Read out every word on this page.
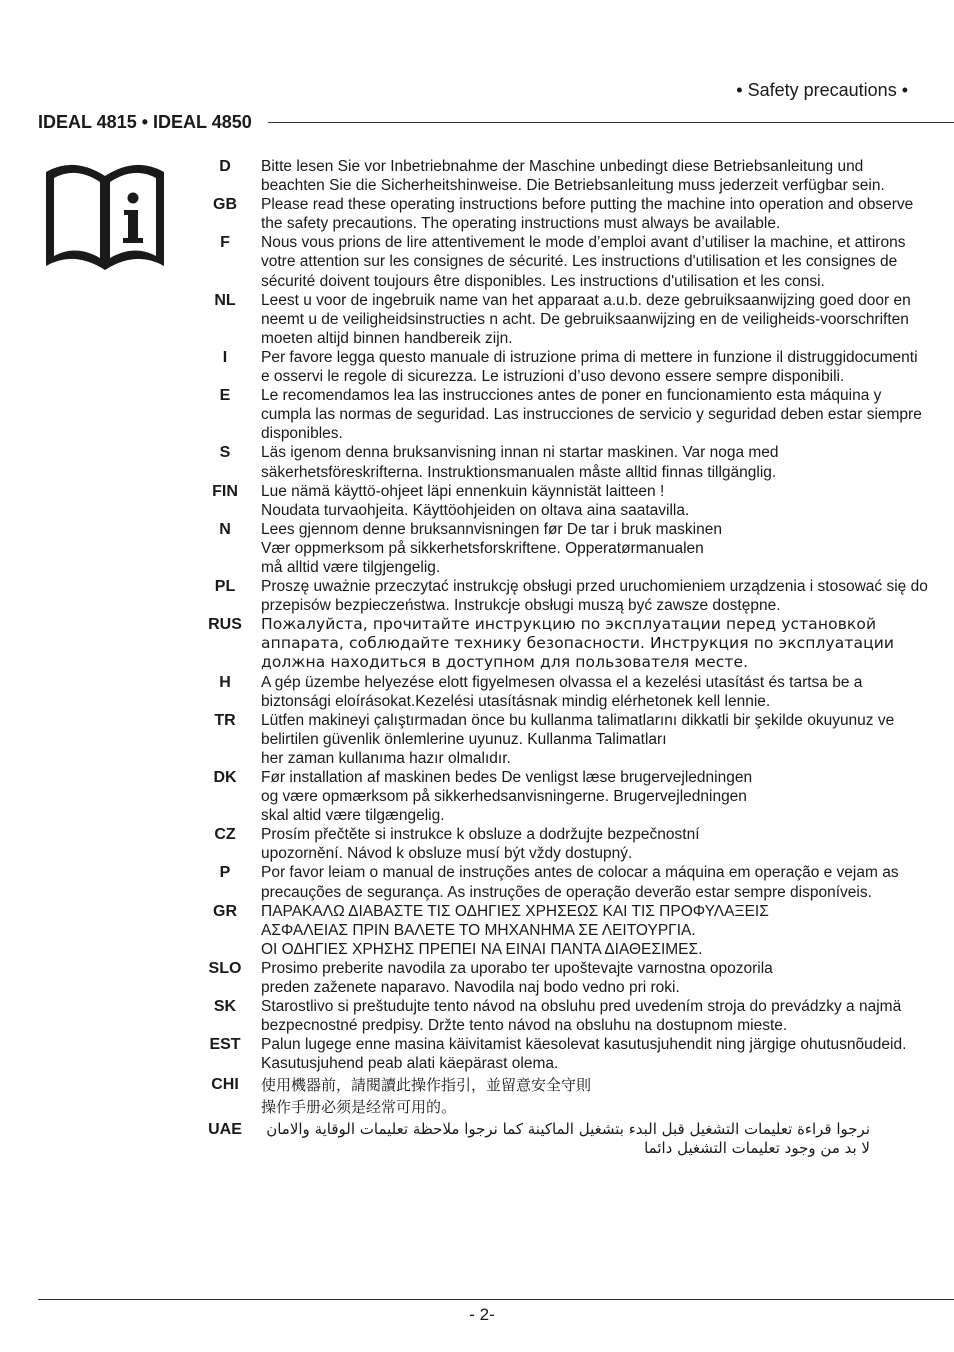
• Safety precautions •
IDEAL 4815 • IDEAL 4850
D	Bitte lesen Sie vor Inbetriebnahme der Maschine unbedingt diese Betriebsanleitung und beachten Sie die Sicherheitshinweise. Die Betriebsanleitung muss jederzeit verfügbar sein.
GB	Please read these operating instructions before putting the machine into operation and observe the safety precautions. The operating instructions must always be available.
F	Nous vous prions de lire attentivement le mode d’emploi avant d’utiliser la machine, et attirons votre attention sur les consignes de sécurité. Les instructions d'utilisation et les consignes de sécurité doivent toujours être disponibles. Les instructions d'utilisation et les consi.
NL	Leest u voor de ingebruik name van het apparaat a.u.b. deze gebruiksaanwijzing goed door en neemt u de veiligheidsinstructies n acht. De gebruiksaanwijzing en de veiligheids-voorschriften moeten altijd binnen handbereik zijn.
I	Per favore legga questo manuale di istruzione prima di mettere in funzione il distruggidocumenti e osservi le regole di sicurezza. Le istruzioni d’uso devono essere sempre disponibili.
E	Le recomendamos lea las instrucciones antes de poner en funcionamiento esta máquina y cumpla las normas de seguridad. Las instrucciones de servicio y seguridad deben estar siempre disponibles.
S	Läs igenom denna bruksanvisning innan ni startar maskinen. Var noga med säkerhetsföreskrifterna. Instruktionsmanualen måste alltid finnas tillgänglig.
FIN	Lue nämä käyttö-ohjeet läpi ennenkuin käynnistät laitteen !
Noudata turvaohjeita. Käyttöohjeiden on oltava aina saatavilla.
N	Lees gjennom denne bruksannvisningen før De tar i bruk maskinen
Vær oppmerksom på sikkerhetsforskriftene. Opperatørmanualen
må alltid være tilgjengelig.
PL	Proszę uważnie przeczytać instrukcję obsługi przed uruchomieniem urządzenia i stosować się do przepisów bezpieczeństwa. Instrukcje obsługi muszą być zawsze dostępne.
RUS	Пожалуйста, прочитайте инструкцию по эксплуатации перед установкой аппарата, соблюдайте технику безопасности. Инструкция по эксплуатации должна находиться в доступном для пользователя месте.
H	A gép üzembe helyezése elott figyelmesen olvassa el a kezelési utasítást és tartsa be a biztonsági eloírásokat.Kezelési utasításnak mindig elérhetonek kell lennie.
TR	Lütfen makineyi çalıştırmadan önce bu kullanma talimatlarını dikkatli bir şekilde okuyunuz ve belirtilen güvenlik önlemlerine uyunuz. Kullanma Talimatları
her zaman kullanıma hazır olmalıdır.
DK	Før installation af maskinen bedes De venligst læse brugervejledningen
og være opmærksom på sikkerhedsanvisningerne. Brugervejledningen
skal altid være tilgængelig.
CZ	Prosím přečtěte si instrukce k obsluze a dodržujte bezpečnostní
upozornění. Návod k obsluze musí být vždy dostupný.
P	Por favor leiam o manual de instruções antes de colocar a máquina em operação e vejam as precauções de segurança. As instruções de operação deverão estar sempre disponíveis.
GR	ΠΑΡΑΚΑΛΩ ΔΙΑΒΑΣΤΕ ΤΙΣ ΟΔΗΓΙΕΣ ΧΡΗΣΕΩΣ ΚΑΙ ΤΙΣ ΠΡΟΦΥΛΑΞΕΙΣ
ΑΣΦΑΛΕΙΑΣ ΠΡΙΝ ΒΑΛΕΤΕ ΤΟ ΜΗΧΑΝΗΜΑ ΣΕ ΛΕΙΤΟΥΡΓΙΑ.
ΟΙ ΟΔΗΓΙΕΣ ΧΡΗΣΗΣ ΠΡΕΠΕΙ ΝΑ ΕΙΝΑΙ ΠΑΝΤΑ ΔΙΑΘΕΣΙΜΕΣ.
SLO	Prosimo preberite navodila za uporabo ter upoštevajte varnostna opozorila
preden zaženete naparavo. Navodila naj bodo vedno pri roki.
SK	Starostlivo si preštudujte tento návod na obsluhu pred uvedením stroja do prevádzky a najmä bezpecnostné predpisy. Držte tento návod na obsluhu na dostupnom mieste.
EST	Palun lugege enne masina käivitamist käesolevat kasutusjuhendit ning järgige ohutusnõudeid. Kasutusjuhend peab alati käepärast olema.
CHI	使用機器前，請閱讀此操作指引，並留意安全守則
操作手册必须是经常可用的。
UAE	نرجوا قراءة تعليمات التشغيل قبل البدء بتشغيل الماكينة كما نرجوا ملاحظة تعليمات الوقاية والامان
لا بد من وجود تعليمات التشغيل دائما
- 2-
